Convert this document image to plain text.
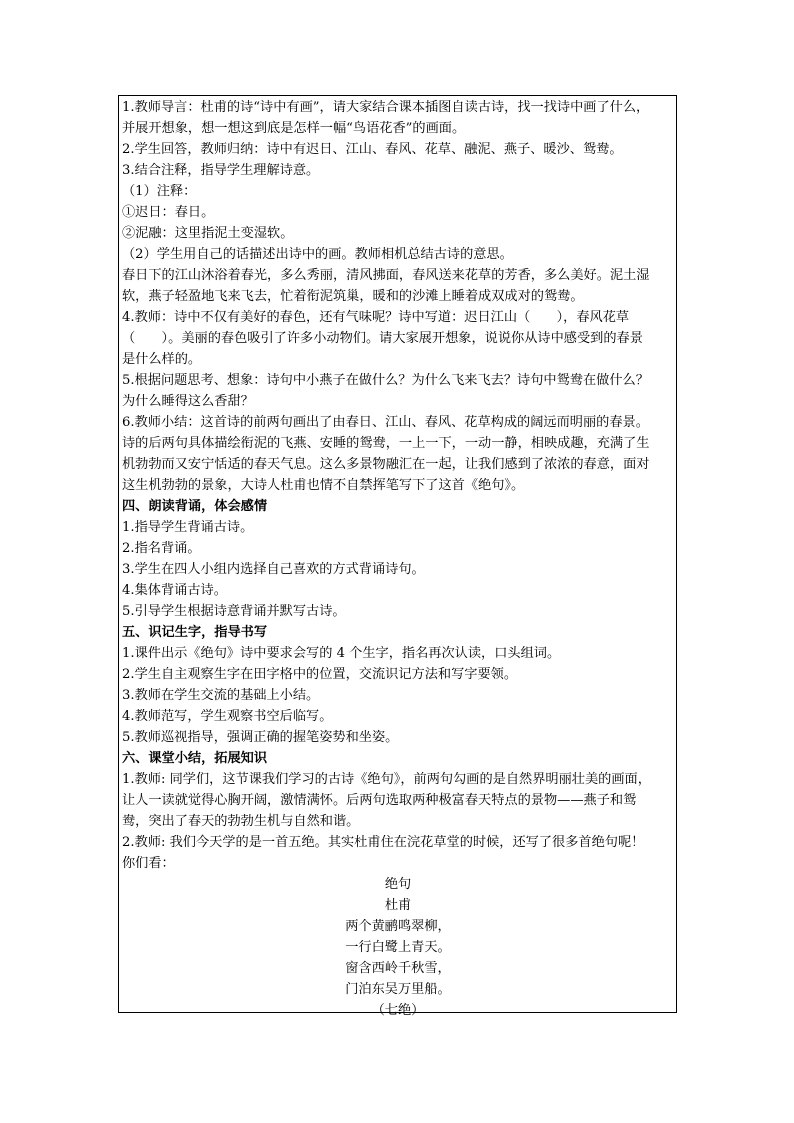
1.教师导言：杜甫的诗“诗中有画”，请大家结合课本插图自读古诗，找一找诗中画了什么，
并展开想象，想一想这到底是怎样一幅“鸟语花香”的画面。
2.学生回答，教师归纳：诗中有迟日、江山、春风、花草、融泥、燕子、暖沙、鸳鸯。
3.结合注释，指导学生理解诗意。
（1）注释：
①迟日：春日。
②泥融：这里指泥土变湿软。
（2）学生用自己的话描述出诗中的画。教师相机总结古诗的意思。
春日下的江山沐浴着春光，多么秀丽，清风拂面，春风送来花草的芳香，多么美好。泥土湿
软，燕子轻盈地飞来飞去，忙着衔泥筑巢，暖和的沙滩上睡着成双成对的鸳鸯。
4.教师：诗中不仅有美好的春色，还有气味呢？诗中写道：迟日江山（　　），春风花草
（　　）。美丽的春色吸引了许多小动物们。请大家展开想象，说说你从诗中感受到的春景
是什么样的。
5.根据问题思考、想象：诗句中小燕子在做什么？为什么飞来飞去？诗句中鸳鸯在做什么？
为什么睡得这么香甜？
6.教师小结：这首诗的前两句画出了由春日、江山、春风、花草构成的阔远而明丽的春景。
诗的后两句具体描绘衔泥的飞燕、安睡的鸳鸯，一上一下，一动一静，相映成趣，充满了生
机勃勃而又安宁恬适的春天气息。这么多景物融汇在一起，让我们感到了浓浓的春意，面对
这生机勃勃的景象，大诗人杜甫也情不自禁挥笔写下了这首《绝句》。
四、朗读背诵，体会感情
1.指导学生背诵古诗。
2.指名背诵。
3.学生在四人小组内选择自己喜欢的方式背诵诗句。
4.集体背诵古诗。
5.引导学生根据诗意背诵并默写古诗。
五、识记生字，指导书写
1.课件出示《绝句》诗中要求会写的 4 个生字，指名再次认读，口头组词。
2.学生自主观察生字在田字格中的位置，交流识记方法和写字要领。
3.教师在学生交流的基础上小结。
4.教师范写，学生观察书空后临写。
5.教师巡视指导，强调正确的握笔姿势和坐姿。
六、课堂小结，拓展知识
1.教师: 同学们，这节课我们学习的古诗《绝句》，前两句勾画的是自然界明丽壮美的画面，
让人一读就觉得心胸开阔，激情满怀。后两句选取两种极富春天特点的景物——燕子和鸳
鸯，突出了春天的勃勃生机与自然和谐。
2.教师: 我们今天学的是一首五绝。其实杜甫住在浣花草堂的时候，还写了很多首绝句呢！
你们看：
绝句
杜甫
两个黄鹂鸣翠柳，
一行白鹭上青天。
窗含西岭千秋雪，
门泊东吴万里船。
（七绝）
